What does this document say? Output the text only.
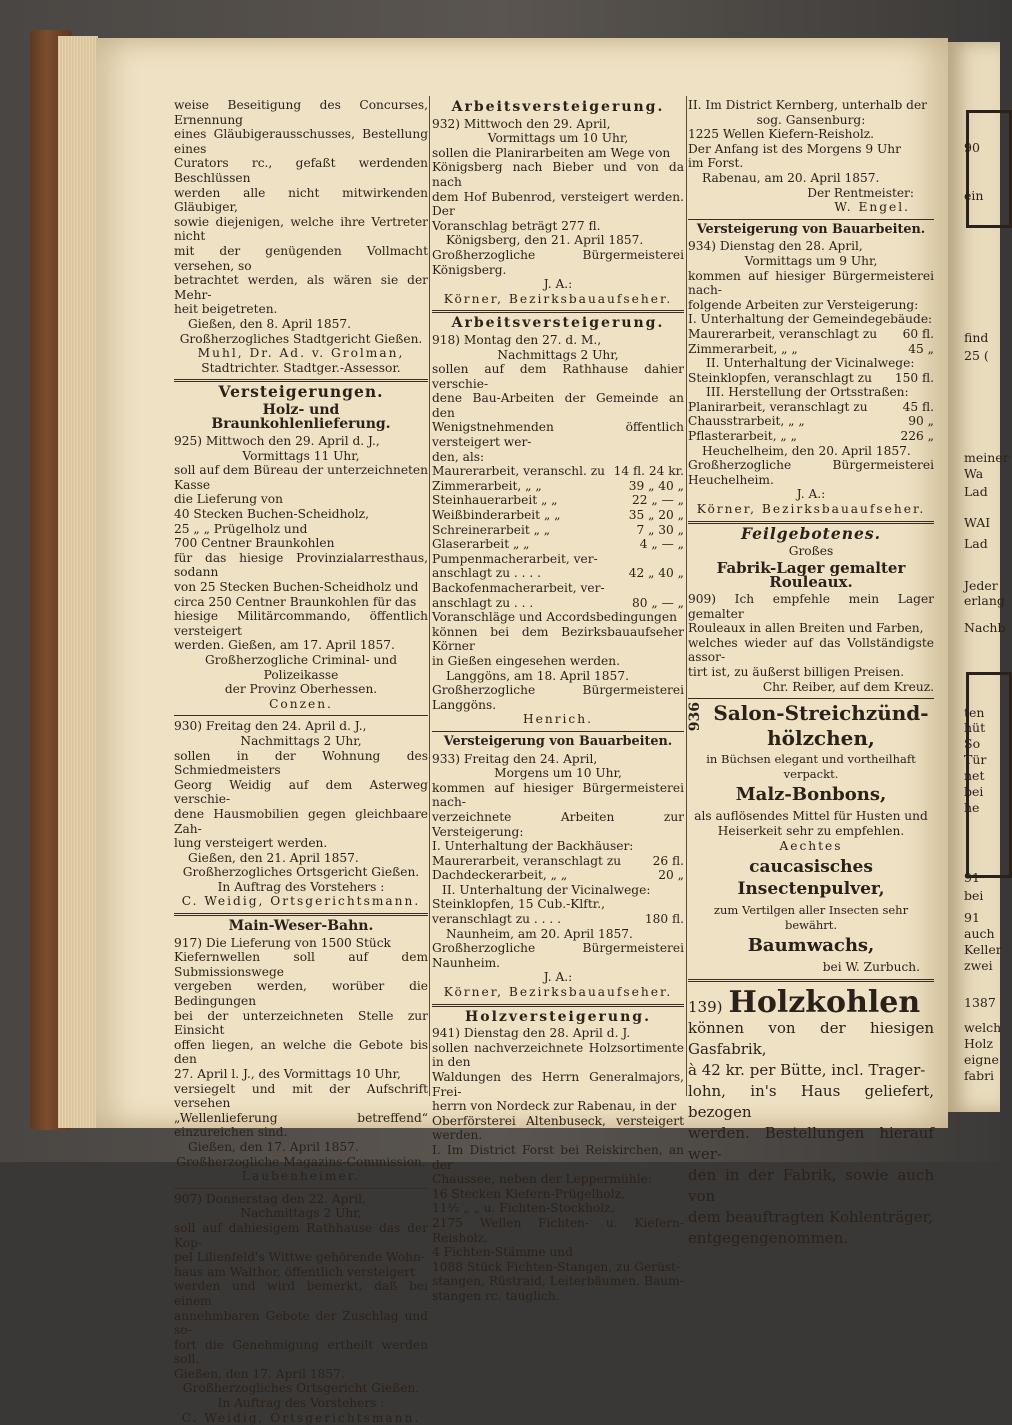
weise Beseitigung des Concurses, Ernennung

eines Gläubigerausschusses, Bestellung eines

Curators rc., gefaßt werdenden Beschlüssen

werden alle nicht mitwirkenden Gläubiger,

sowie diejenigen, welche ihre Vertreter nicht

mit der genügenden Vollmacht versehen, so

betrachtet werden, als wären sie der Mehr-

heit beigetreten.

Gießen, den 8. April 1857.

Großherzogliches Stadtgericht Gießen.

Muhl, Dr. Ad. v. Grolman,

Stadtrichter. Stadtger.-Assessor.

Versteigerungen.
Holz- und Braunkohlenlieferung.

925) Mittwoch den 29. April d. J.,

Vormittags 11 Uhr,

soll auf dem Büreau der unterzeichneten Kasse

die Lieferung von

40 Stecken Buchen-Scheidholz,

25 „ „ Prügelholz und

700 Centner Braunkohlen

für das hiesige Provinzialarresthaus, sodann

von 25 Stecken Buchen-Scheidholz und

circa 250 Centner Braunkohlen für das

hiesige Militärcommando, öffentlich versteigert

werden. Gießen, am 17. April 1857.

Großherzogliche Criminal- und Polizeikasse

der Provinz Oberhessen.

Conzen.

930) Freitag den 24. April d. J.,

Nachmittags 2 Uhr,

sollen in der Wohnung des Schmiedmeisters

Georg Weidig auf dem Asterweg verschie-

dene Hausmobilien gegen gleichbaare Zah-

lung versteigert werden.

Gießen, den 21. April 1857.

Großherzogliches Ortsgericht Gießen.

In Auftrag des Vorstehers :

C. Weidig, Ortsgerichtsmann.

Main-Weser-Bahn.

917) Die Lieferung von 1500 Stück

Kiefernwellen soll auf dem Submissionswege

vergeben werden, worüber die Bedingungen

bei der unterzeichneten Stelle zur Einsicht

offen liegen, an welche die Gebote bis den

27. April l. J., des Vormittags 10 Uhr,

versiegelt und mit der Aufschrift versehen

„Wellenlieferung betreffend“ einzureichen sind.

Gießen, den 17. April 1857.

Großherzogliche Magazins-Commission.

Laubenheimer.

907) Donnerstag den 22. April,

Nachmittags 2 Uhr,

soll auf dahiesigem Rathhause das der Kop-

pel Lilienfeld's Wittwe gehörende Wohn-

haus am Walthor, öffentlich versteigert

werden und wird bemerkt, daß bei einem

annehmbaren Gebote der Zuschlag und so-

fort die Genehmigung ertheilt werden soll.

Gießen, den 17. April 1857.

Großherzogliches Ortsgericht Gießen.

In Auftrag des Vorstehers :

C. Weidig, Ortsgerichtsmann.

Arbeitsversteigerung.

932) Mittwoch den 29. April,

Vormittags um 10 Uhr,

sollen die Planirarbeiten am Wege von

Königsberg nach Bieber und von da nach

dem Hof Bubenrod, versteigert werden. Der

Voranschlag beträgt 277 fl.

Königsberg, den 21. April 1857.

Großherzogliche Bürgermeisterei Königsberg.

J. A.:

Körner, Bezirksbauaufseher.

Arbeitsversteigerung.

918) Montag den 27. d. M.,

Nachmittags 2 Uhr,

sollen auf dem Rathhause dahier verschie-

dene Bau-Arbeiten der Gemeinde an den

Wenigstnehmenden öffentlich versteigert wer-

den, als:

Maurerarbeit, veranschl. zu	14 fl. 24 kr.
Zimmerarbeit, „ „	39 „ 40 „
Steinhauerarbeit „ „	22 „ — „
Weißbinderarbeit „ „	35 „ 20 „
Schreinerarbeit „ „	7 „ 30 „
Glaserarbeit „ „	4 „ — „
Pumpenmacherarbeit, ver-	
anschlagt zu . . . .	42 „ 40 „
Backofenmacherarbeit, ver-	
anschlagt zu . . .	80 „ — „

Voranschläge und Accordsbedingungen

können bei dem Bezirksbauaufseher Körner

in Gießen eingesehen werden.

Langgöns, am 18. April 1857.

Großherzogliche Bürgermeisterei Langgöns.

Henrich.

Versteigerung von Bauarbeiten.

933) Freitag den 24. April,

Morgens um 10 Uhr,

kommen auf hiesiger Bürgermeisterei nach-

verzeichnete Arbeiten zur Versteigerung:

I. Unterhaltung der Backhäuser:

Maurerarbeit, veranschlagt zu	26 fl.
Dachdeckerarbeit, „ „	20 „

II. Unterhaltung der Vicinalwege:

Steinklopfen, 15 Cub.-Klftr.,	
veranschlagt zu . . . .	180 fl.

Naunheim, am 20. April 1857.

Großherzogliche Bürgermeisterei Naunheim.

J. A.:

Körner, Bezirksbauaufseher.

Holzversteigerung.

941) Dienstag den 28. April d. J.

sollen nachverzeichnete Holzsortimente in den

Waldungen des Herrn Generalmajors, Frei-

herrn von Nordeck zur Rabenau, in der

Oberförsterei Altenbuseck, versteigert werden.

I. Im District Forst bei Reiskirchen, an der

Chaussee, neben der Leppermühle:

16 Stecken Kiefern-Prügelholz,

11½ „ „ u. Fichten-Stockholz,

2175 Wellen Fichten- u. Kiefern-Reisholz,

4 Fichten-Stämme und

1088 Stück Fichten-Stangen, zu Gerüst-

stangen, Rüstraid, Leiterbäumen, Baum-

stangen rc. tauglich.

II. Im District Kernberg, unterhalb der

sog. Gansenburg:

1225 Wellen Kiefern-Reisholz.

Der Anfang ist des Morgens 9 Uhr

im Forst.

Rabenau, am 20. April 1857.

Der Rentmeister:

W. Engel.

Versteigerung von Bauarbeiten.

934) Dienstag den 28. April,

Vormittags um 9 Uhr,

kommen auf hiesiger Bürgermeisterei nach-

folgende Arbeiten zur Versteigerung:

I. Unterhaltung der Gemeindegebäude:

Maurerarbeit, veranschlagt zu	60 fl.
Zimmerarbeit, „ „	45 „

II. Unterhaltung der Vicinalwege:

Steinklopfen, veranschlagt zu	150 fl.

III. Herstellung der Ortsstraßen:

Planirarbeit, veranschlagt zu	45 fl.
Chausstrarbeit, „ „	90 „
Pflasterarbeit, „ „	226 „

Heuchelheim, den 20. April 1857.

Großherzogliche Bürgermeisterei Heuchelheim.

J. A.:

Körner, Bezirksbauaufseher.

Feilgebotenes.

Großes

Fabrik-Lager gemalter Rouleaux.

909) Ich empfehle mein Lager gemalter

Rouleaux in allen Breiten und Farben,

welches wieder auf das Vollständigste assor-

tirt ist, zu äußerst billigen Preisen.

Chr. Reiber, auf dem Kreuz.

936 Salon-Streichzünd-
hölzchen,

in Büchsen elegant und vortheilhaft verpackt.

Malz-Bonbons,

als auflösendes Mittel für Husten und

Heiserkeit sehr zu empfehlen.

Aechtes

caucasisches Insectenpulver,

zum Vertilgen aller Insecten sehr bewährt.

Baumwachs,

bei W. Zurbuch.

139) Holzkohlen

können von der hiesigen Gasfabrik,

à 42 kr. per Bütte, incl. Trager-

lohn, in's Haus geliefert, bezogen

werden. Bestellungen hierauf wer-

den in der Fabrik, sowie auch von

dem beauftragten Kohlenträger,

entgegengenommen.

90
ein
find
25 (
meiner
Wa
Lad
WAI
Lad
Jeder
erlang
Nachb
ten
hüt
So
Tür
net
bei
he
91
bei
91
auch
Keller
zwei
1387
welch
Holz
eigne
fabri
